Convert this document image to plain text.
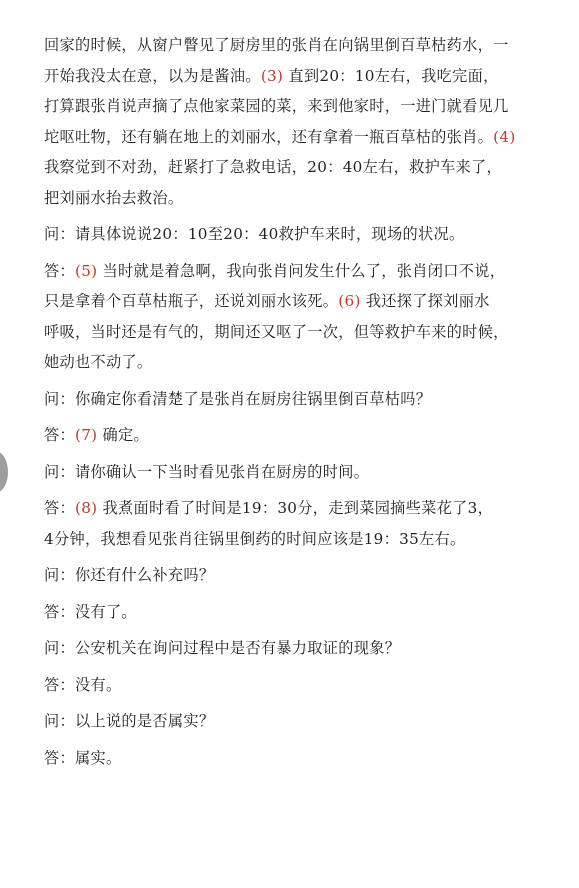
回家的时候，从窗户瞥见了厨房里的张肖在向锅里倒百草枯药水，一
开始我没太在意，以为是酱油。(3) 直到20：10左右，我吃完面，
打算跟张肖说声摘了点他家菜园的菜，来到他家时，一进门就看见几
坨呕吐物，还有躺在地上的刘丽水，还有拿着一瓶百草枯的张肖。(4)
我察觉到不对劲，赶紧打了急救电话，20：40左右，救护车来了，
把刘丽水抬去救治。
问：请具体说说20：10至20：40救护车来时，现场的状况。
答：(5) 当时就是着急啊，我向张肖问发生什么了，张肖闭口不说，
只是拿着个百草枯瓶子，还说刘丽水该死。(6) 我还探了探刘丽水
呼吸，当时还是有气的，期间还又呕了一次，但等救护车来的时候，
她动也不动了。
问：你确定你看清楚了是张肖在厨房往锅里倒百草枯吗？
答：(7) 确定。
问：请你确认一下当时看见张肖在厨房的时间。
答：(8) 我煮面时看了时间是19：30分，走到菜园摘些菜花了3，
4分钟，我想看见张肖往锅里倒药的时间应该是19：35左右。
问：你还有什么补充吗？
答：没有了。
问：公安机关在询问过程中是否有暴力取证的现象？
答：没有。
问：以上说的是否属实？
答：属实。
